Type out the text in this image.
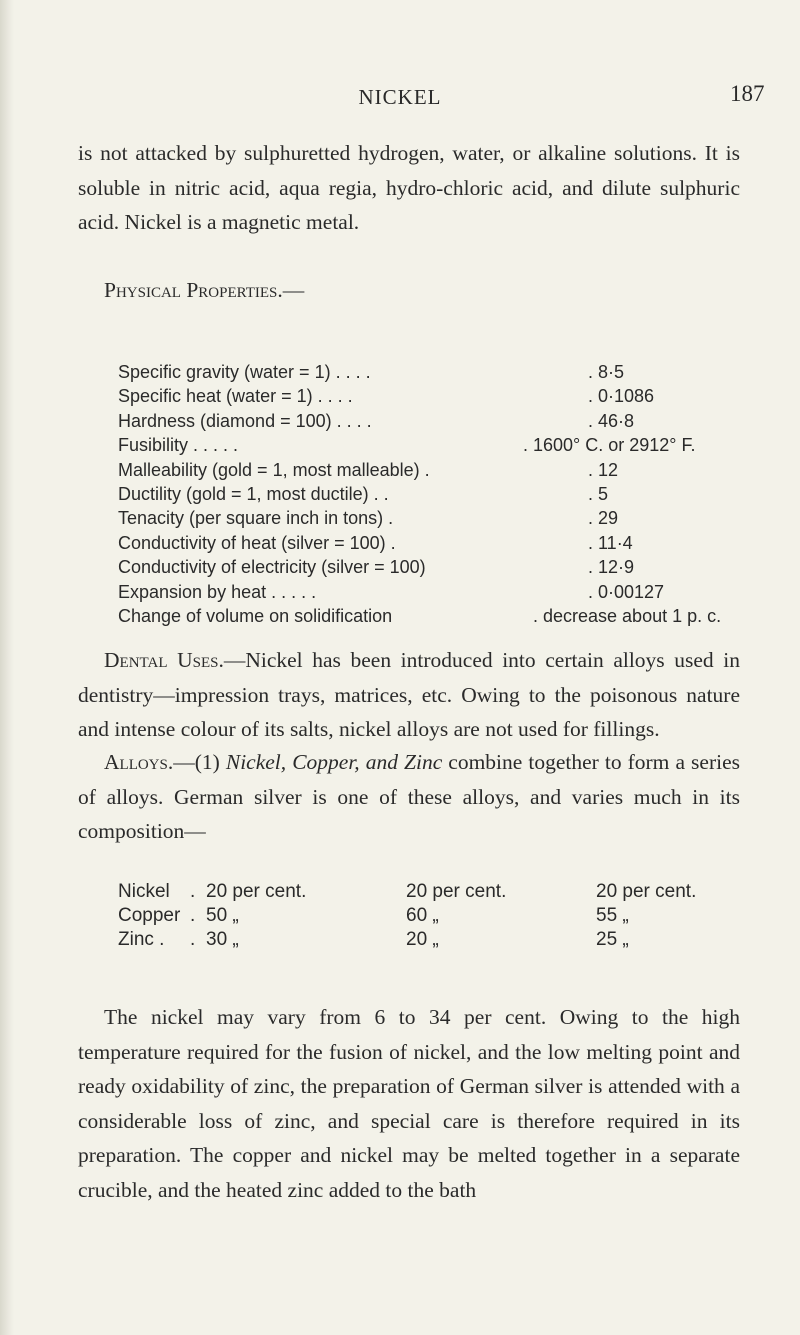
NICKEL	187
is not attacked by sulphuretted hydrogen, water, or alkaline solutions. It is soluble in nitric acid, aqua regia, hydro-chloric acid, and dilute sulphuric acid. Nickel is a magnetic metal.
Physical Properties.—
Specific gravity (water = 1) . . . .	. 8·5
Specific heat (water = 1) . . . .	. 0·1086
Hardness (diamond = 100) . . . .	. 46·8
Fusibility . . . . .	. 1600° C. or 2912° F.
Malleability (gold = 1, most malleable) .	. 12
Ductility (gold = 1, most ductile) . .	. 5
Tenacity (per square inch in tons) .	. 29
Conductivity of heat (silver = 100) .	. 11·4
Conductivity of electricity (silver = 100)	. 12·9
Expansion by heat . . . . .	. 0·00127
Change of volume on solidification	. decrease about 1 p. c.
Dental Uses.—Nickel has been introduced into certain alloys used in dentistry—impression trays, matrices, etc. Owing to the poisonous nature and intense colour of its salts, nickel alloys are not used for fillings.
Alloys.—(1) Nickel, Copper, and Zinc combine together to form a series of alloys. German silver is one of these alloys, and varies much in its composition—
Nickel . 20 per cent.	20 per cent.	20 per cent.
Copper . 50 „	60 „	55 „
Zinc . . 30 „	20 „	25 „
The nickel may vary from 6 to 34 per cent. Owing to the high temperature required for the fusion of nickel, and the low melting point and ready oxidability of zinc, the preparation of German silver is attended with a considerable loss of zinc, and special care is therefore required in its preparation. The copper and nickel may be melted together in a separate crucible, and the heated zinc added to the bath
